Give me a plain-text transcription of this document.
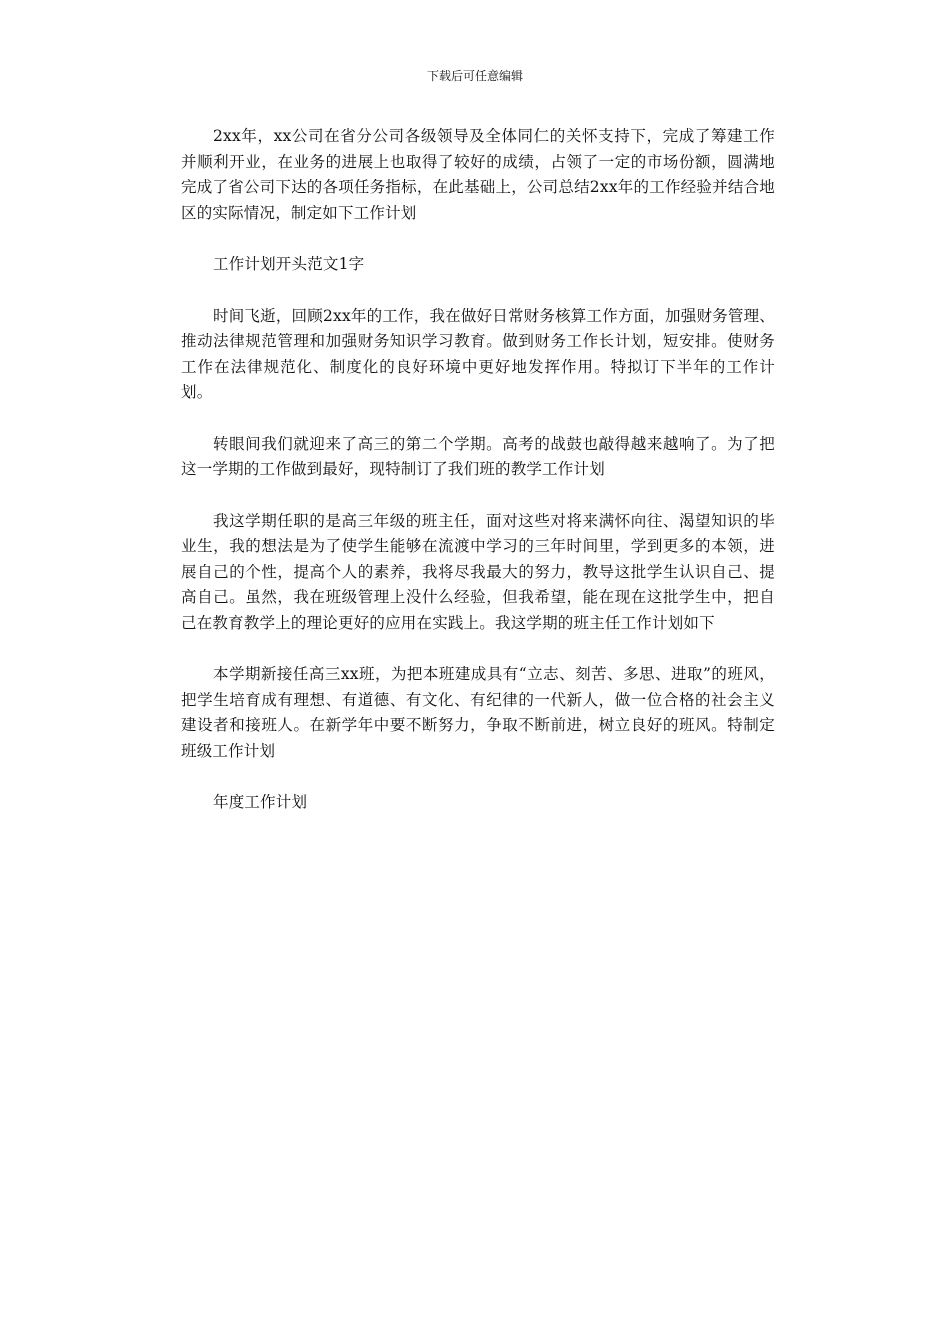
下载后可任意编辑

2xx年，xx公司在省分公司各级领导及全体同仁的关怀支持下，完成了筹建工作并顺利开业，在业务的进展上也取得了较好的成绩，占领了一定的市场份额，圆满地完成了省公司下达的各项任务指标，在此基础上，公司总结2xx年的工作经验并结合地区的实际情况，制定如下工作计划

工作计划开头范文1字

时间飞逝，回顾2xx年的工作，我在做好日常财务核算工作方面，加强财务管理、推动法律规范管理和加强财务知识学习教育。做到财务工作长计划，短安排。使财务工作在法律规范化、制度化的良好环境中更好地发挥作用。特拟订下半年的工作计划。

转眼间我们就迎来了高三的第二个学期。高考的战鼓也敲得越来越响了。为了把这一学期的工作做到最好，现特制订了我们班的教学工作计划

我这学期任职的是高三年级的班主任，面对这些对将来满怀向往、渴望知识的毕业生，我的想法是为了使学生能够在流渡中学习的三年时间里，学到更多的本领，进展自己的个性，提高个人的素养，我将尽我最大的努力，教导这批学生认识自己、提高自己。虽然，我在班级管理上没什么经验，但我希望，能在现在这批学生中，把自己在教育教学上的理论更好的应用在实践上。我这学期的班主任工作计划如下

本学期新接任高三xx班，为把本班建成具有“立志、刻苦、多思、进取”的班风，把学生培育成有理想、有道德、有文化、有纪律的一代新人，做一位合格的社会主义建设者和接班人。在新学年中要不断努力，争取不断前进，树立良好的班风。特制定班级工作计划

年度工作计划
